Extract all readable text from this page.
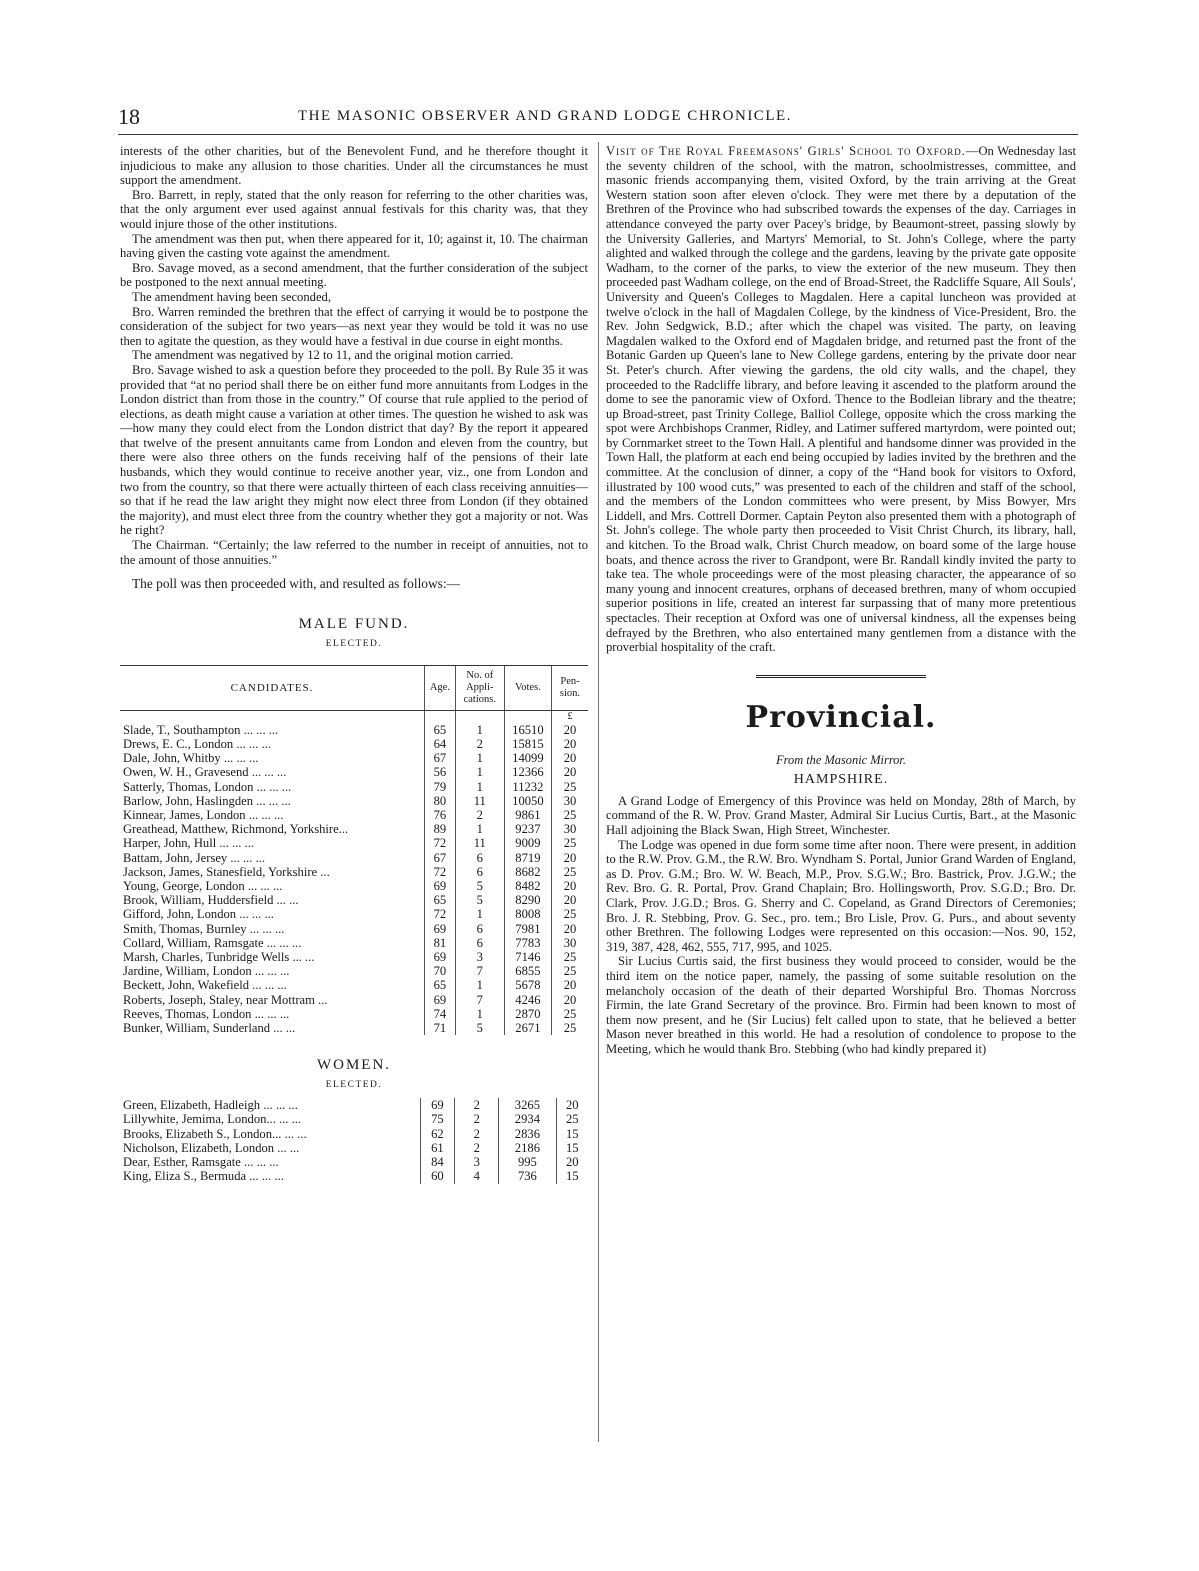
18	THE MASONIC OBSERVER AND GRAND LODGE CHRONICLE.

interests of the other charities, but of the Benevolent Fund, and he therefore thought it injudicious to make any allusion to those charities. Under all the circumstances he must support the amendment.

Bro. Barrett, in reply, stated that the only reason for referring to the other charities was, that the only argument ever used against annual festivals for this charity was, that they would injure those of the other institutions.

The amendment was then put, when there appeared for it, 10; against it, 10. The chairman having given the casting vote against the amendment.

Bro. Savage moved, as a second amendment, that the further consideration of the subject be postponed to the next annual meeting.

The amendment having been seconded,

Bro. Warren reminded the brethren that the effect of carrying it would be to postpone the consideration of the subject for two years—as next year they would be told it was no use then to agitate the question, as they would have a festival in due course in eight months.

The amendment was negatived by 12 to 11, and the original motion carried.

Bro. Savage wished to ask a question before they proceeded to the poll. By Rule 35 it was provided that “at no period shall there be on either fund more annuitants from Lodges in the London district than from those in the country.” Of course that rule applied to the period of elections, as death might cause a variation at other times. The question he wished to ask was—how many they could elect from the London district that day? By the report it appeared that twelve of the present annuitants came from London and eleven from the country, but there were also three others on the funds receiving half of the pensions of their late husbands, which they would continue to receive another year, viz., one from London and two from the country, so that there were actually thirteen of each class receiving annuities—so that if he read the law aright they might now elect three from London (if they obtained the majority), and must elect three from the country whether they got a majority or not. Was he right?

The Chairman. “Certainly; the law referred to the number in receipt of annuities, not to the amount of those annuities.”

The poll was then proceeded with, and resulted as follows:—

MALE FUND.
ELECTED.
CANDIDATES.	Age.	No. of Appli- cations.	Votes.	Pen- sion.
				£
Slade, T., Southampton ... ... ...	65	1	16510	20
Drews, E. C., London ... ... ...	64	2	15815	20
Dale, John, Whitby ... ... ...	67	1	14099	20
Owen, W. H., Gravesend ... ... ...	56	1	12366	20
Satterly, Thomas, London ... ... ...	79	1	11232	25
Barlow, John, Haslingden ... ... ...	80	11	10050	30
Kinnear, James, London ... ... ...	76	2	9861	25
Greathead, Matthew, Richmond, Yorkshire...	89	1	9237	30
Harper, John, Hull ... ... ...	72	11	9009	25
Battam, John, Jersey ... ... ...	67	6	8719	20
Jackson, James, Stanesfield, Yorkshire ...	72	6	8682	25
Young, George, London ... ... ...	69	5	8482	20
Brook, William, Huddersfield ... ...	65	5	8290	20
Gifford, John, London ... ... ...	72	1	8008	25
Smith, Thomas, Burnley ... ... ...	69	6	7981	20
Collard, William, Ramsgate ... ... ...	81	6	7783	30
Marsh, Charles, Tunbridge Wells ... ...	69	3	7146	25
Jardine, William, London ... ... ...	70	7	6855	25
Beckett, John, Wakefield ... ... ...	65	1	5678	20
Roberts, Joseph, Staley, near Mottram ...	69	7	4246	20
Reeves, Thomas, London ... ... ...	74	1	2870	25
Bunker, William, Sunderland ... ...	71	5	2671	25
WOMEN.
ELECTED.
Green, Elizabeth, Hadleigh ... ... ...	69	2	3265	20
Lillywhite, Jemima, London... ... ...	75	2	2934	25
Brooks, Elizabeth S., London... ... ...	62	2	2836	15
Nicholson, Elizabeth, London ... ...	61	2	2186	15
Dear, Esther, Ramsgate ... ... ...	84	3	995	20
King, Eliza S., Bermuda ... ... ...	60	4	736	15

Visit of The Royal Freemasons' Girls' School to Oxford.—On Wednesday last the seventy children of the school, with the matron, schoolmistresses, committee, and masonic friends accompanying them, visited Oxford, by the train arriving at the Great Western station soon after eleven o'clock. They were met there by a deputation of the Brethren of the Province who had subscribed towards the expenses of the day. Carriages in attendance conveyed the party over Pacey's bridge, by Beaumont-street, passing slowly by the University Galleries, and Martyrs' Memorial, to St. John's College, where the party alighted and walked through the college and the gardens, leaving by the private gate opposite Wadham, to the corner of the parks, to view the exterior of the new museum. They then proceeded past Wadham college, on the end of Broad-Street, the Radcliffe Square, All Souls', University and Queen's Colleges to Magdalen. Here a capital luncheon was provided at twelve o'clock in the hall of Magdalen College, by the kindness of Vice-President, Bro. the Rev. John Sedgwick, B.D.; after which the chapel was visited. The party, on leaving Magdalen walked to the Oxford end of Magdalen bridge, and returned past the front of the Botanic Garden up Queen's lane to New College gardens, entering by the private door near St. Peter's church. After viewing the gardens, the old city walls, and the chapel, they proceeded to the Radcliffe library, and before leaving it ascended to the platform around the dome to see the panoramic view of Oxford. Thence to the Bodleian library and the theatre; up Broad-street, past Trinity College, Balliol College, opposite which the cross marking the spot were Archbishops Cranmer, Ridley, and Latimer suffered martyrdom, were pointed out; by Cornmarket street to the Town Hall. A plentiful and handsome dinner was provided in the Town Hall, the platform at each end being occupied by ladies invited by the brethren and the committee. At the conclusion of dinner, a copy of the “Hand book for visitors to Oxford, illustrated by 100 wood cuts,” was presented to each of the children and staff of the school, and the members of the London committees who were present, by Miss Bowyer, Mrs Liddell, and Mrs. Cottrell Dormer. Captain Peyton also presented them with a photograph of St. John's college. The whole party then proceeded to Visit Christ Church, its library, hall, and kitchen. To the Broad walk, Christ Church meadow, on board some of the large house boats, and thence across the river to Grandpont, were Br. Randall kindly invited the party to take tea. The whole proceedings were of the most pleasing character, the appearance of so many young and innocent creatures, orphans of deceased brethren, many of whom occupied superior positions in life, created an interest far surpassing that of many more pretentious spectacles. Their reception at Oxford was one of universal kindness, all the expenses being defrayed by the Brethren, who also entertained many gentlemen from a distance with the proverbial hospitality of the craft.

Provincial.
From the Masonic Mirror.
HAMPSHIRE.

A Grand Lodge of Emergency of this Province was held on Monday, 28th of March, by command of the R. W. Prov. Grand Master, Admiral Sir Lucius Curtis, Bart., at the Masonic Hall adjoining the Black Swan, High Street, Winchester.

The Lodge was opened in due form some time after noon. There were present, in addition to the R.W. Prov. G.M., the R.W. Bro. Wyndham S. Portal, Junior Grand Warden of England, as D. Prov. G.M.; Bro. W. W. Beach, M.P., Prov. S.G.W.; Bro. Bastrick, Prov. J.G.W.; the Rev. Bro. G. R. Portal, Prov. Grand Chaplain; Bro. Hollingsworth, Prov. S.G.D.; Bro. Dr. Clark, Prov. J.G.D.; Bros. G. Sherry and C. Copeland, as Grand Directors of Ceremonies; Bro. J. R. Stebbing, Prov. G. Sec., pro. tem.; Bro Lisle, Prov. G. Purs., and about seventy other Brethren. The following Lodges were represented on this occasion:—Nos. 90, 152, 319, 387, 428, 462, 555, 717, 995, and 1025.

Sir Lucius Curtis said, the first business they would proceed to consider, would be the third item on the notice paper, namely, the passing of some suitable resolution on the melancholy occasion of the death of their departed Worshipful Bro. Thomas Norcross Firmin, the late Grand Secretary of the province. Bro. Firmin had been known to most of them now present, and he (Sir Lucius) felt called upon to state, that he believed a better Mason never breathed in this world. He had a resolution of condolence to propose to the Meeting, which he would thank Bro. Stebbing (who had kindly prepared it)
